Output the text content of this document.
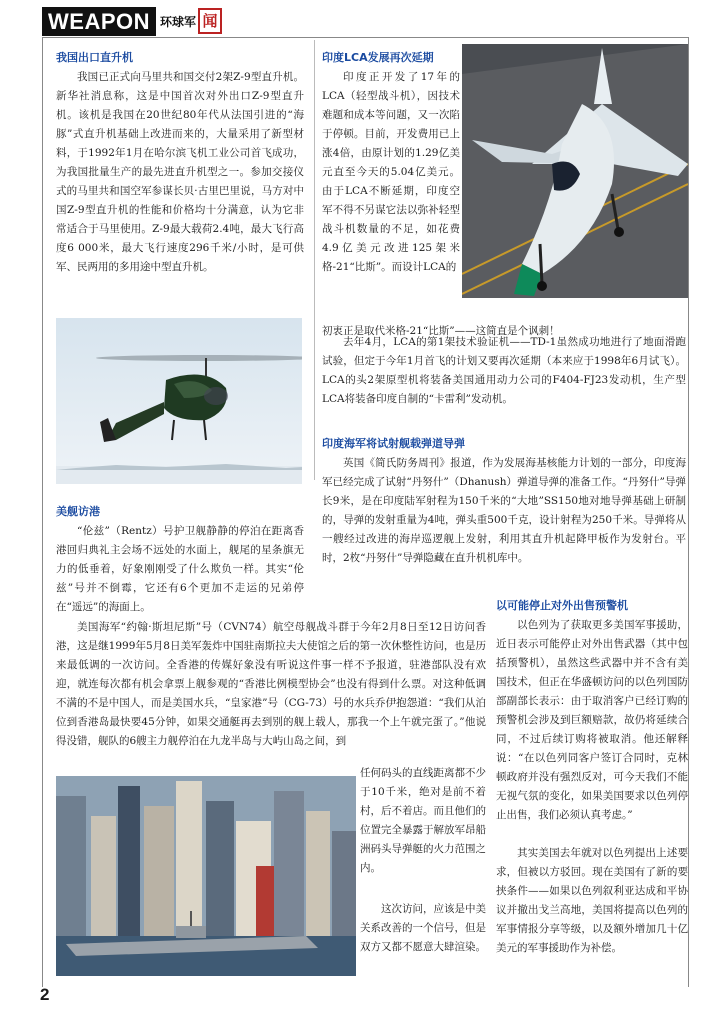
WEAPON 环球军 闻
我国出口直升机

我国已正式向马里共和国交付2架Z-9型直升机。新华社消息称，这是中国首次对外出口Z-9型直升机。该机是我国在20世纪80年代从法国引进的“海豚”式直升机基础上改进而来的，大量采用了新型材料，于1992年1月在哈尔滨飞机工业公司首飞成功，为我国批量生产的最先进直升机型之一。参加交接仪式的马里共和国空军参谋长贝·古里巴里说，马方对中国Z-9型直升机的性能和价格均十分满意，认为它非常适合于马里使用。Z-9最大载荷2.4吨，最大飞行高度6 000米，最大飞行速度296千米/小时，是可供军、民两用的多用途中型直升机。

印度LCA发展再次延期

印度正开发了17年的LCA（轻型战斗机），因技术难题和成本等问题，又一次陷于停顿。目前，开发费用已上涨4倍，由原计划的1.29亿美元直至今天的5.04亿美元。由于LCA不断延期，印度空军不得不另谋它法以弥补轻型战斗机数量的不足，如花费4.9亿美元改进125架米格-21“比斯”。而设计LCA的

初衷正是取代米格-21“比斯”——这简直是个讽刺！

去年4月，LCA的第1架技术验证机——TD-1虽然成功地进行了地面滑跑试验，但定于今年1月首飞的计划又要再次延期（本来应于1998年6月试飞）。LCA的头2架原型机将装备美国通用动力公司的F404-FJ23发动机，生产型LCA将装备印度自制的“卡雷利”发动机。

印度海军将试射舰载弹道导弹

英国《简氏防务周刊》报道，作为发展海基核能力计划的一部分，印度海军已经完成了试射“丹努什”（Dhanush）弹道导弹的准备工作。“丹努什”导弹长9米，是在印度陆军射程为150千米的“大地”SS150地对地导弹基础上研制的，导弹的发射重量为4吨，弹头重500千克，设计射程为250千米。导弹将从一艘经过改进的海岸巡逻舰上发射，利用其直升机起降甲板作为发射台。平时，2枚“丹努什”导弹隐藏在直升机机库中。

美舰访港

“伦兹”（Rentz）号护卫舰静静的停泊在距离香港回归典礼主会场不远处的水面上，舰尾的星条旗无力的低垂着，好象刚刚受了什么欺负一样。其实“伦兹”号并不倒霉，它还有6个更加不走运的兄弟停在“遥远”的海面上。

美国海军“约翰·斯坦尼斯”号（CVN74）航空母舰战斗群于今年2月8日至12日访问香港，这是继1999年5月8日美军轰炸中国驻南斯拉夫大使馆之后的第一次休整性访问，也是历来最低调的一次访问。全香港的传媒好象没有听说这件事一样不予报道，驻港部队没有欢迎，就连每次都有机会拿票上舰参观的“香港比例模型协会”也没有得到什么票。对这种低调不满的不是中国人，而是美国水兵，“皇家港”号（CG-73）号的水兵乔伊抱怨道：“我们从泊位到香港岛最快要45分钟，如果交通艇再去到别的舰上载人，那我一个上午就完蛋了。”他说得没错，舰队的6艘主力舰停泊在九龙半岛与大屿山岛之间，到

任何码头的直线距离都不少于10千米，绝对是前不着村，后不着店。而且他们的位置完全暴露于解放军昂船洲码头导弹艇的火力范围之内。

这次访问，应该是中美关系改善的一个信号，但是双方又都不愿意大肆渲染。

以可能停止对外出售预警机

以色列为了获取更多美国军事援助，近日表示可能停止对外出售武器（其中包括预警机），虽然这些武器中并不含有美国技术，但正在华盛顿访问的以色列国防部副部长表示：由于取消客户已经订购的预警机会涉及到巨额赔款，故仍将延续合同，不过后续订购将被取消。他还解释说：“在以色列同客户签订合同时，克林顿政府并没有强烈反对，可今天我们不能无视气氛的变化，如果美国要求以色列停止出售，我们必须认真考虑。”

其实美国去年就对以色列提出上述要求，但被以方驳回。现在美国有了新的要挟条件——如果以色列叙利亚达成和平协议并撤出戈兰高地，美国将提高以色列的军事情报分享等级，以及额外增加几十亿美元的军事援助作为补偿。

2
